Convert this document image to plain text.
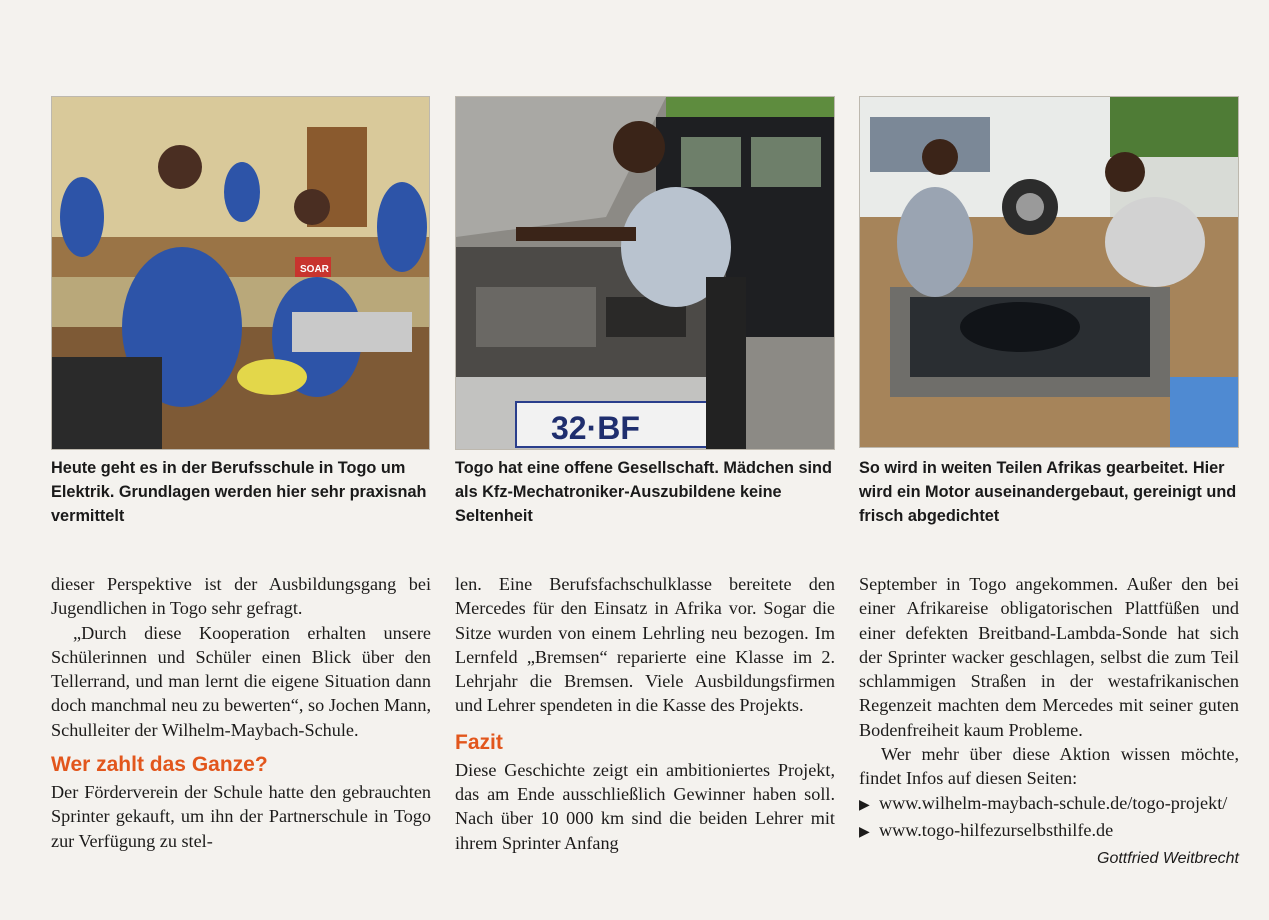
SOAR

Heute geht es in der Berufsschule in Togo um Elektrik. Grundlagen werden hier sehr praxisnah vermittelt

32·BF

Togo hat eine offene Gesellschaft. Mädchen sind als Kfz-Mechatroniker-Auszubildene keine Seltenheit

So wird in weiten Teilen Afrikas gearbeitet. Hier wird ein Motor auseinandergebaut, gereinigt und frisch abgedichtet

dieser Perspektive ist der Ausbildungsgang bei Jugendlichen in Togo sehr gefragt.

„Durch diese Kooperation erhalten unsere Schülerinnen und Schüler einen Blick über den Tellerrand, und man lernt die eigene Situation dann doch manchmal neu zu bewerten“, so Jochen Mann, Schulleiter der Wilhelm-Maybach-Schule.

Wer zahlt das Ganze?

Der Förderverein der Schule hatte den gebrauchten Sprinter gekauft, um ihn der Partnerschule in Togo zur Verfügung zu stel-

len. Eine Berufsfachschulklasse bereitete den Mercedes für den Einsatz in Afrika vor. Sogar die Sitze wurden von einem Lehrling neu bezogen. Im Lernfeld „Bremsen“ reparierte eine Klasse im 2. Lehrjahr die Bremsen. Viele Ausbildungsfirmen und Lehrer spendeten in die Kasse des Projekts.

Fazit

Diese Geschichte zeigt ein ambitioniertes Projekt, das am Ende ausschließlich Gewinner haben soll. Nach über 10 000 km sind die beiden Lehrer mit ihrem Sprinter Anfang

September in Togo angekommen. Außer den bei einer Afrikareise obligatorischen Plattfüßen und einer defekten Breitband-Lambda-Sonde hat sich der Sprinter wacker geschlagen, selbst die zum Teil schlammigen Straßen in der westafrikanischen Regenzeit machten dem Mercedes mit seiner guten Bodenfreiheit kaum Probleme.

Wer mehr über diese Aktion wissen möchte, findet Infos auf diesen Seiten:

▶ www.wilhelm-maybach-schule.de/togo-projekt/
▶ www.togo-hilfezurselbsthilfe.de
Gottfried Weitbrecht
